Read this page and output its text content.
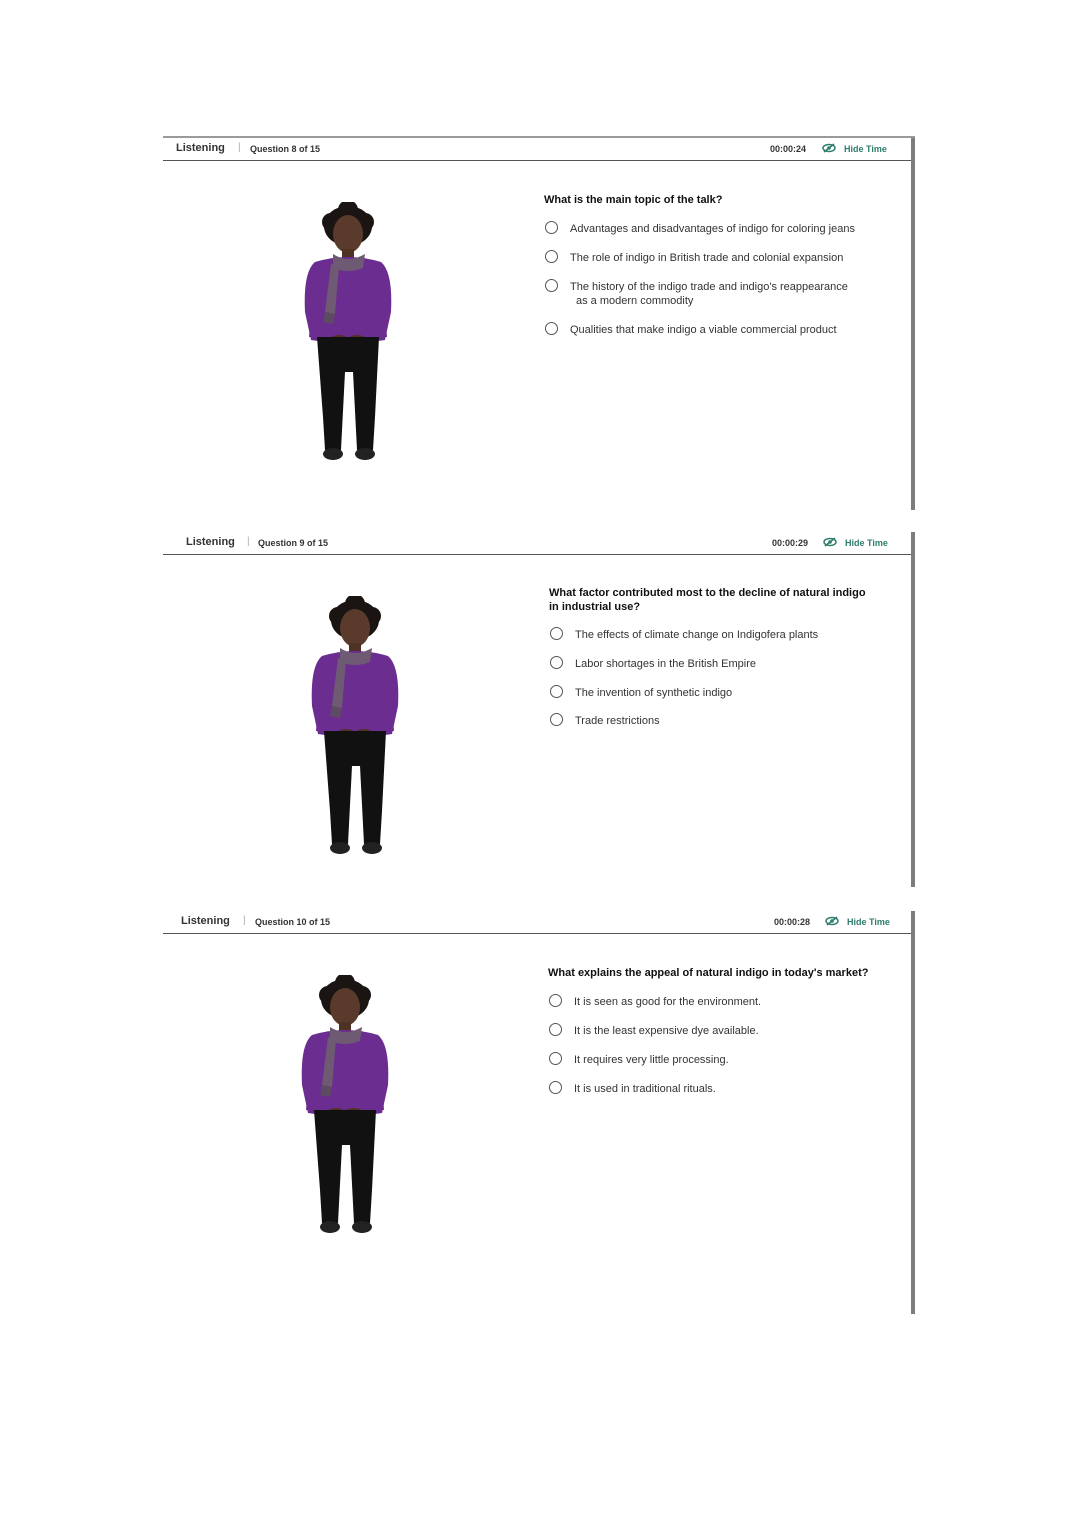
Listening | Question 8 of 15	00:00:24	Hide Time
What is the main topic of the talk?
Advantages and disadvantages of indigo for coloring jeans
The role of indigo in British trade and colonial expansion
The history of the indigo trade and indigo's reappearance
as a modern commodity
Qualities that make indigo a viable commercial product
Listening | Question 9 of 15	00:00:29	Hide Time
What factor contributed most to the decline of natural indigo
in industrial use?
The effects of climate change on Indigofera plants
Labor shortages in the British Empire
The invention of synthetic indigo
Trade restrictions
Listening | Question 10 of 15	00:00:28	Hide Time
What explains the appeal of natural indigo in today's market?
It is seen as good for the environment.
It is the least expensive dye available.
It requires very little processing.
It is used in traditional rituals.
